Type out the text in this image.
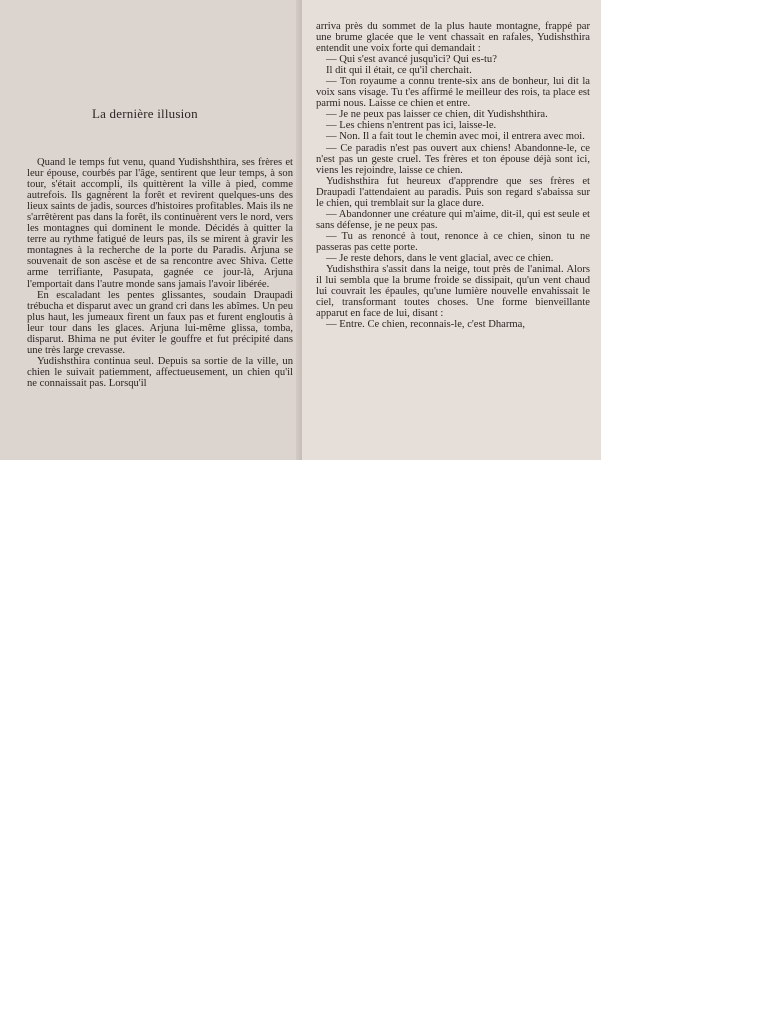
La dernière illusion

Quand le temps fut venu, quand Yudishshthira, ses frères et leur épouse, courbés par l'âge, sentirent que leur temps, à son tour, s'était accompli, ils quittèrent la ville à pied, comme autrefois. Ils gagnèrent la forêt et revirent quelques-uns des lieux saints de jadis, sources d'histoires profitables. Mais ils ne s'arrêtèrent pas dans la forêt, ils continuèrent vers le nord, vers les montagnes qui dominent le monde. Décidés à quitter la terre au rythme fatigué de leurs pas, ils se mirent à gravir les montagnes à la recherche de la porte du Paradis. Arjuna se souvenait de son ascèse et de sa rencontre avec Shiva. Cette arme terrifiante, Pasupata, gagnée ce jour-là, Arjuna l'emportait dans l'autre monde sans jamais l'avoir libérée.

En escaladant les pentes glissantes, soudain Draupadi trébucha et disparut avec un grand cri dans les abîmes. Un peu plus haut, les jumeaux firent un faux pas et furent engloutis à leur tour dans les glaces. Arjuna lui-même glissa, tomba, disparut. Bhima ne put éviter le gouffre et fut précipité dans une très large crevasse.

Yudishsthira continua seul. Depuis sa sortie de la ville, un chien le suivait patiemment, affectueusement, un chien qu'il ne connaissait pas. Lorsqu'il

arriva près du sommet de la plus haute montagne, frappé par une brume glacée que le vent chassait en rafales, Yudishsthira entendit une voix forte qui demandait :

— Qui s'est avancé jusqu'ici? Qui es-tu?

Il dit qui il était, ce qu'il cherchait.

— Ton royaume a connu trente-six ans de bonheur, lui dit la voix sans visage. Tu t'es affirmé le meilleur des rois, ta place est parmi nous. Laisse ce chien et entre.

— Je ne peux pas laisser ce chien, dit Yudishshthira.

— Les chiens n'entrent pas ici, laisse-le.

— Non. Il a fait tout le chemin avec moi, il entrera avec moi.

— Ce paradis n'est pas ouvert aux chiens! Abandonne-le, ce n'est pas un geste cruel. Tes frères et ton épouse déjà sont ici, viens les rejoindre, laisse ce chien.

Yudishsthira fut heureux d'apprendre que ses frères et Draupadi l'attendaient au paradis. Puis son regard s'abaissa sur le chien, qui tremblait sur la glace dure.

— Abandonner une créature qui m'aime, dit-il, qui est seule et sans défense, je ne peux pas.

— Tu as renoncé à tout, renonce à ce chien, sinon tu ne passeras pas cette porte.

— Je reste dehors, dans le vent glacial, avec ce chien.

Yudishsthira s'assit dans la neige, tout près de l'animal. Alors il lui sembla que la brume froide se dissipait, qu'un vent chaud lui couvrait les épaules, qu'une lumière nouvelle envahissait le ciel, transformant toutes choses. Une forme bienveillante apparut en face de lui, disant :

— Entre. Ce chien, reconnais-le, c'est Dharma,
